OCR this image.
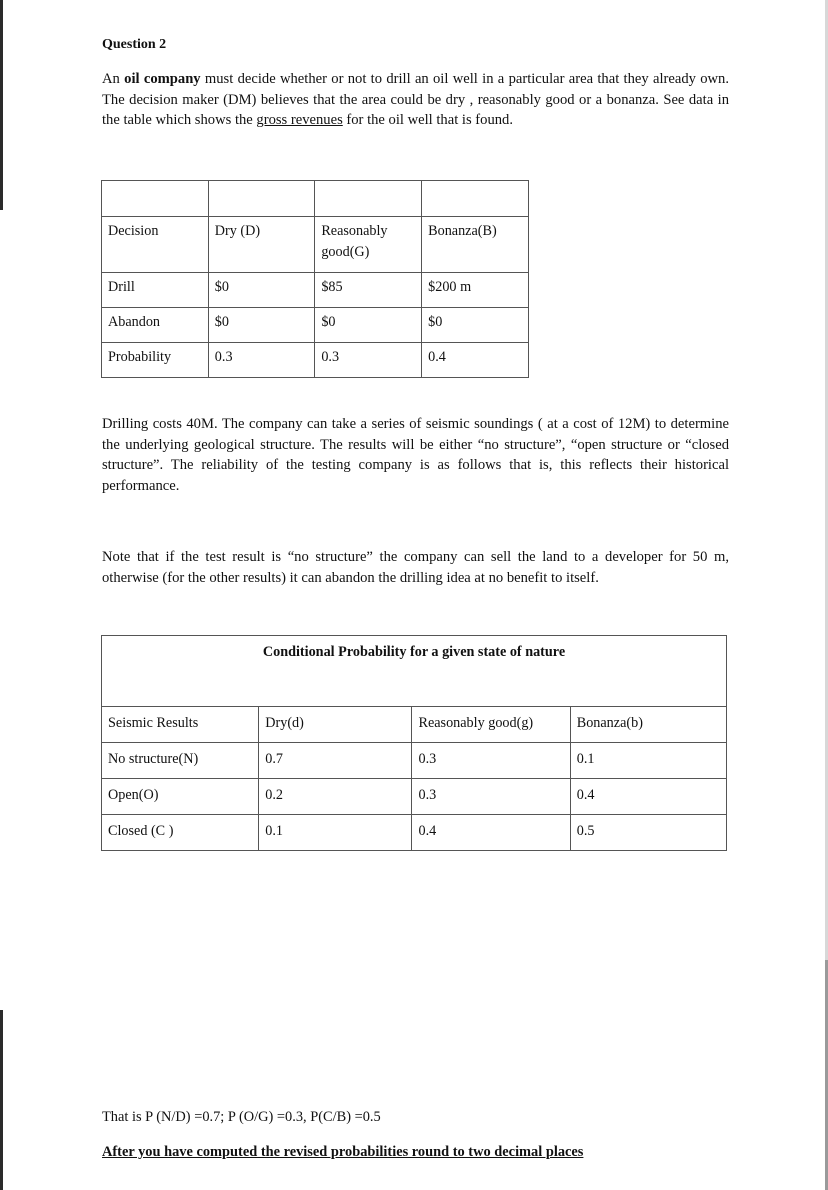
Question 2
An oil company must decide whether or not to drill an oil well in a particular area that they already own. The decision maker (DM) believes that the area could be dry , reasonably good or a bonanza. See data in the table which shows the gross revenues for the oil well that is found.

Decision	Dry (D)	Reasonably good(G)	Bonanza(B)
Drill	$0	$85	$200 m
Abandon	$0	$0	$0
Probability	0.3	0.3	0.4
Drilling costs 40M. The company can take a series of seismic soundings ( at a cost of 12M) to determine the underlying geological structure. The results will be either “no structure”, “open structure or “closed structure”. The reliability of the testing company is as follows that is, this reflects their historical performance.
Note that if the test result is “no structure” the company can sell the land to a developer for 50 m, otherwise (for the other results) it can abandon the drilling idea at no benefit to itself.
Conditional Probability for a given state of nature			
Seismic Results	Dry(d)	Reasonably good(g)	Bonanza(b)
No structure(N)	0.7	0.3	0.1
Open(O)	0.2	0.3	0.4
Closed (C )	0.1	0.4	0.5
That is P (N/D) =0.7; P (O/G) =0.3, P(C/B) =0.5
After you have computed the revised probabilities round to two decimal places
